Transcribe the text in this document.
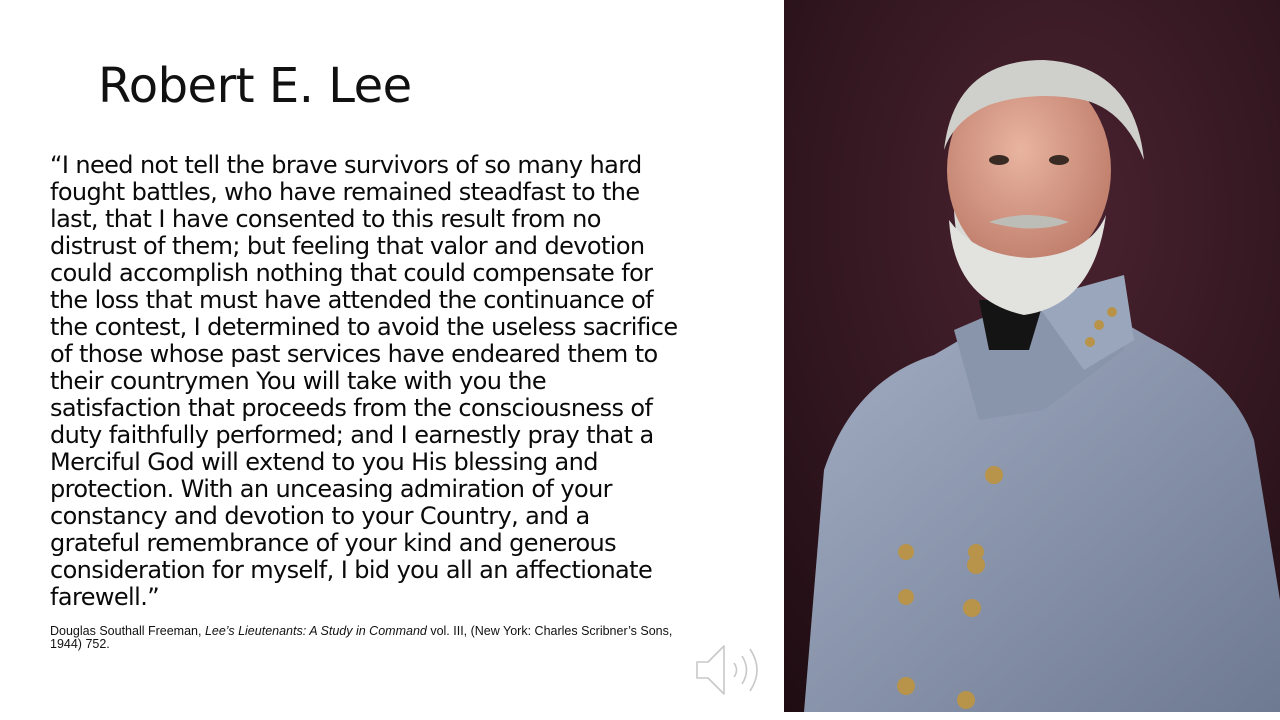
Robert E. Lee
“I need not tell the brave survivors of so many hard
fought battles, who have remained steadfast to the
last, that I have consented to this result from no
distrust of them; but feeling that valor and devotion
could accomplish nothing that could compensate for
the loss that must have attended the continuance of
the contest, I determined to avoid the useless sacrifice
of those whose past services have endeared them to
their countrymen You will take with you the
satisfaction that proceeds from the consciousness of
duty faithfully performed; and I earnestly pray that a
Merciful God will extend to you His blessing and
protection. With an unceasing admiration of your
constancy and devotion to your Country, and a
grateful remembrance of your kind and generous
consideration for myself, I bid you all an affectionate
farewell.”
Douglas Southall Freeman, Lee’s Lieutenants: A Study in Command vol. III, (New York: Charles Scribner’s Sons,
1944) 752.
